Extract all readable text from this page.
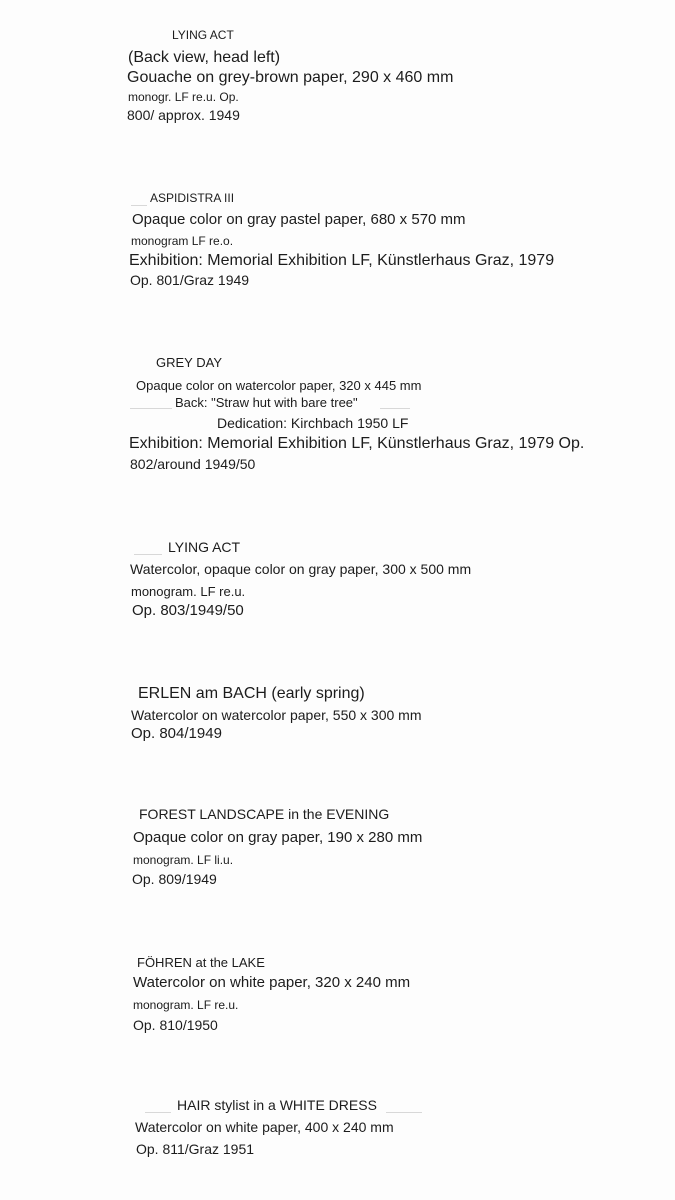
LYING ACT
(Back view, head left)
Gouache on grey-brown paper, 290 x 460 mm
monogr. LF re.u. Op.
800/ approx. 1949
ASPIDISTRA III
Opaque color on gray pastel paper, 680 x 570 mm
monogram LF re.o.
Exhibition: Memorial Exhibition LF, Künstlerhaus Graz, 1979
Op. 801/Graz 1949
GREY DAY
Opaque color on watercolor paper, 320 x 445 mm
Back: "Straw hut with bare tree"
Dedication: Kirchbach 1950 LF
Exhibition: Memorial Exhibition LF, Künstlerhaus Graz, 1979 Op.
802/around 1949/50
LYING ACT
Watercolor, opaque color on gray paper, 300 x 500 mm
monogram. LF re.u.
Op. 803/1949/50
ERLEN am BACH (early spring)
Watercolor on watercolor paper, 550 x 300 mm
Op. 804/1949
FOREST LANDSCAPE in the EVENING
Opaque color on gray paper, 190 x 280 mm
monogram. LF li.u.
Op. 809/1949
FÖHREN at the LAKE
Watercolor on white paper, 320 x 240 mm
monogram. LF re.u.
Op. 810/1950
HAIR stylist in a WHITE DRESS
Watercolor on white paper, 400 x 240 mm
Op. 811/Graz 1951
